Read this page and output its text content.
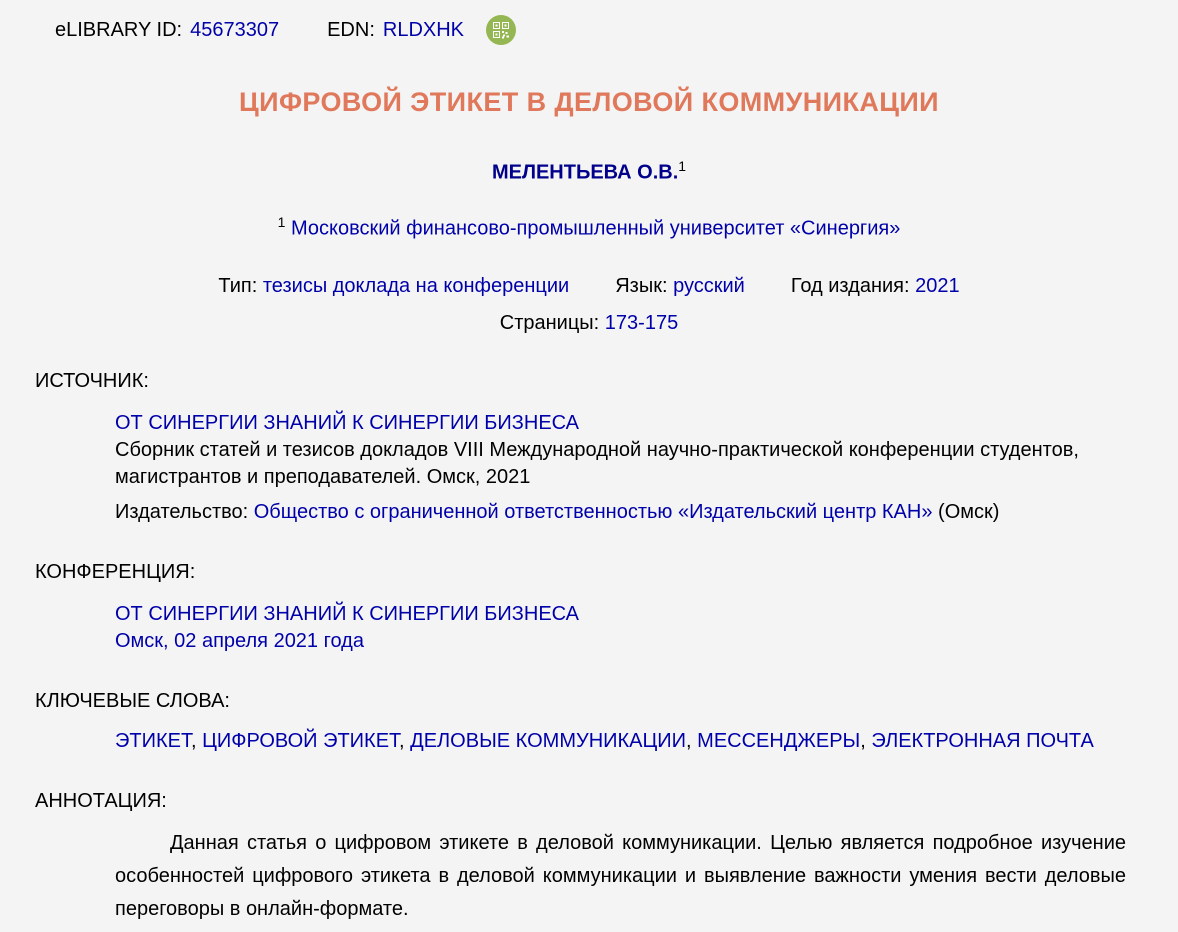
eLIBRARY ID: 45673307 EDN: RLDXHK
ЦИФРОВОЙ ЭТИКЕТ В ДЕЛОВОЙ КОММУНИКАЦИИ
МЕЛЕНТЬЕВА О.В.$^1$
$^1$ Московский финансово-промышленный университет «Синергия»
Тип: тезисы доклада на конференции Язык: русский Год издания: 2021
Страницы: 173-175
ИСТОЧНИК:
ОТ СИНЕРГИИ ЗНАНИЙ К СИНЕРГИИ БИЗНЕСА
Сборник статей и тезисов докладов VIII Международной научно-практической конференции студентов, магистрантов и преподавателей. Омск, 2021
Издательство: Общество с ограниченной ответственностью «Издательский центр КАН» (Омск)
КОНФЕРЕНЦИЯ:
ОТ СИНЕРГИИ ЗНАНИЙ К СИНЕРГИИ БИЗНЕСА
Омск, 02 апреля 2021 года
КЛЮЧЕВЫЕ СЛОВА:
ЭТИКЕТ, ЦИФРОВОЙ ЭТИКЕТ, ДЕЛОВЫЕ КОММУНИКАЦИИ, МЕССЕНДЖЕРЫ, ЭЛЕКТРОННАЯ ПОЧТА
АННОТАЦИЯ:
Данная статья о цифровом этикете в деловой коммуникации. Целью является подробное изучение особенностей цифрового этикета в деловой коммуникации и выявление важности умения вести деловые переговоры в онлайн-формате.
